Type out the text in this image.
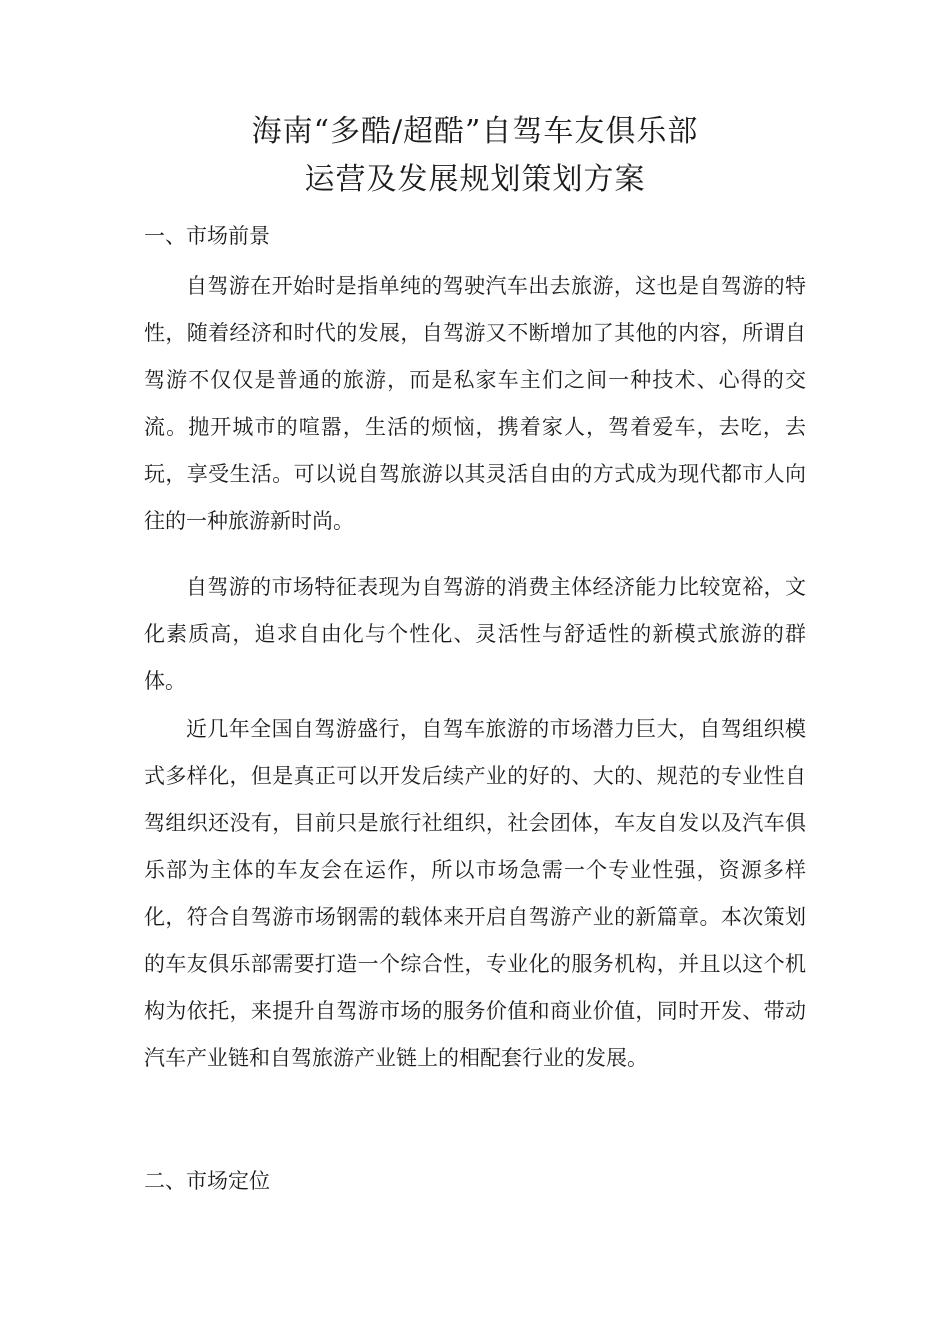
海南“多酷/超酷”自驾车友俱乐部
运营及发展规划策划方案
一、市场前景

自驾游在开始时是指单纯的驾驶汽车出去旅游，这也是自驾游的特性，随着经济和时代的发展，自驾游又不断增加了其他的内容，所谓自驾游不仅仅是普通的旅游，而是私家车主们之间一种技术、心得的交流。抛开城市的喧嚣，生活的烦恼，携着家人，驾着爱车，去吃，去玩，享受生活。可以说自驾旅游以其灵活自由的方式成为现代都市人向往的一种旅游新时尚。

自驾游的市场特征表现为自驾游的消费主体经济能力比较宽裕，文化素质高，追求自由化与个性化、灵活性与舒适性的新模式旅游的群体。

近几年全国自驾游盛行，自驾车旅游的市场潜力巨大，自驾组织模式多样化，但是真正可以开发后续产业的好的、大的、规范的专业性自驾组织还没有，目前只是旅行社组织，社会团体，车友自发以及汽车俱乐部为主体的车友会在运作，所以市场急需一个专业性强，资源多样化，符合自驾游市场钢需的载体来开启自驾游产业的新篇章。本次策划的车友俱乐部需要打造一个综合性，专业化的服务机构，并且以这个机构为依托，来提升自驾游市场的服务价值和商业价值，同时开发、带动汽车产业链和自驾旅游产业链上的相配套行业的发展。

二、市场定位
